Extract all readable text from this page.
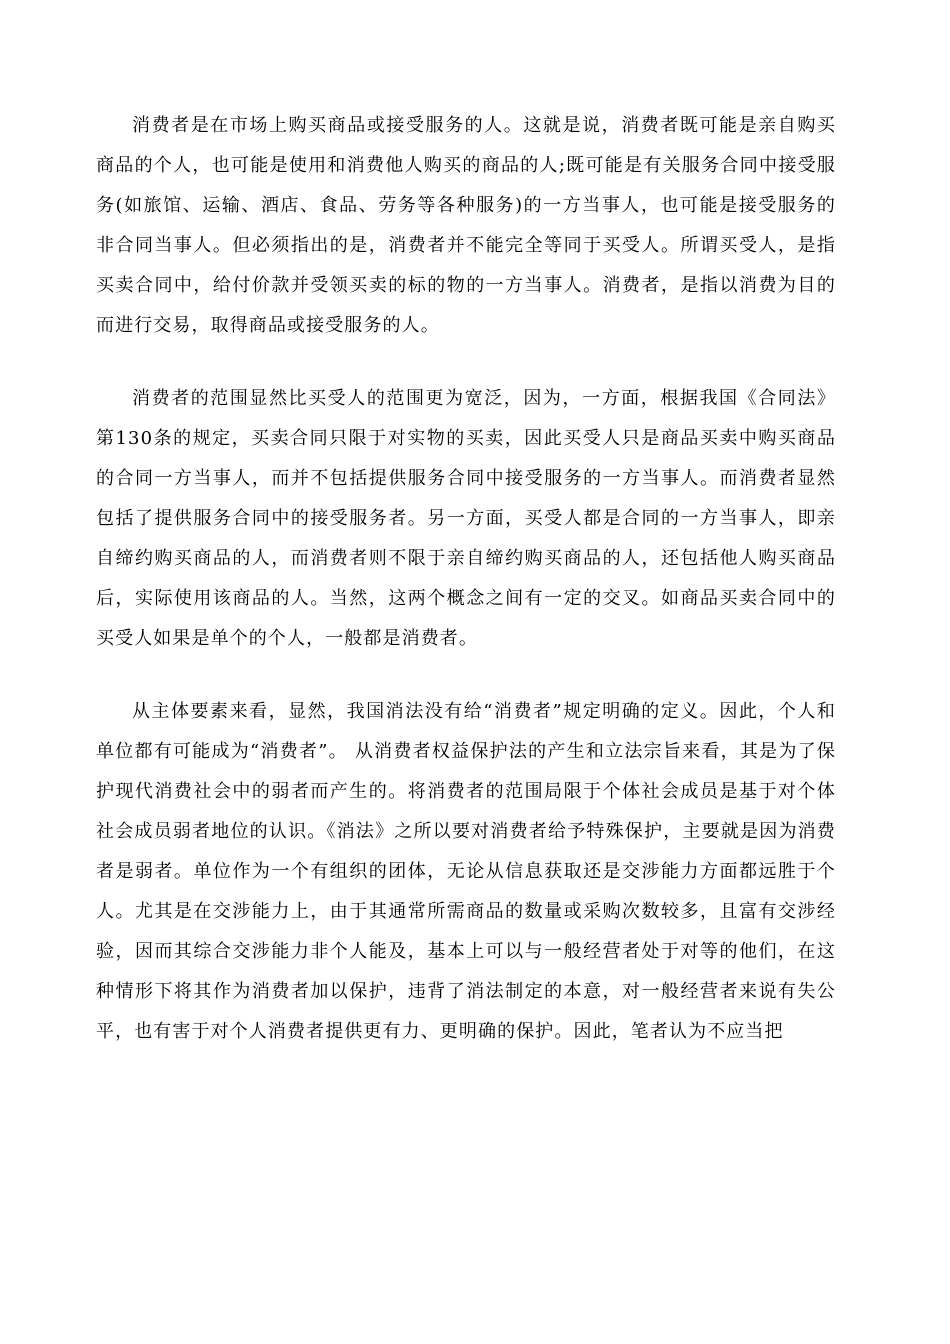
消费者是在市场上购买商品或接受服务的人。这就是说，消费者既可能是亲自购买商品的个人，也可能是使用和消费他人购买的商品的人;既可能是有关服务合同中接受服务(如旅馆、运输、酒店、食品、劳务等各种服务)的一方当事人，也可能是接受服务的非合同当事人。但必须指出的是，消费者并不能完全等同于买受人。所谓买受人，是指买卖合同中，给付价款并受领买卖的标的物的一方当事人。消费者，是指以消费为目的而进行交易，取得商品或接受服务的人。

消费者的范围显然比买受人的范围更为宽泛，因为，一方面，根据我国《合同法》第130条的规定，买卖合同只限于对实物的买卖，因此买受人只是商品买卖中购买商品的合同一方当事人，而并不包括提供服务合同中接受服务的一方当事人。而消费者显然包括了提供服务合同中的接受服务者。另一方面，买受人都是合同的一方当事人，即亲自缔约购买商品的人，而消费者则不限于亲自缔约购买商品的人，还包括他人购买商品后，实际使用该商品的人。当然，这两个概念之间有一定的交叉。如商品买卖合同中的买受人如果是单个的个人，一般都是消费者。

从主体要素来看，显然，我国消法没有给“消费者”规定明确的定义。因此，个人和单位都有可能成为“消费者”。 从消费者权益保护法的产生和立法宗旨来看，其是为了保护现代消费社会中的弱者而产生的。将消费者的范围局限于个体社会成员是基于对个体社会成员弱者地位的认识。《消法》之所以要对消费者给予特殊保护，主要就是因为消费者是弱者。单位作为一个有组织的团体，无论从信息获取还是交涉能力方面都远胜于个人。尤其是在交涉能力上，由于其通常所需商品的数量或采购次数较多，且富有交涉经验，因而其综合交涉能力非个人能及，基本上可以与一般经营者处于对等的他们，在这种情形下将其作为消费者加以保护，违背了消法制定的本意，对一般经营者来说有失公平，也有害于对个人消费者提供更有力、更明确的保护。因此，笔者认为不应当把
